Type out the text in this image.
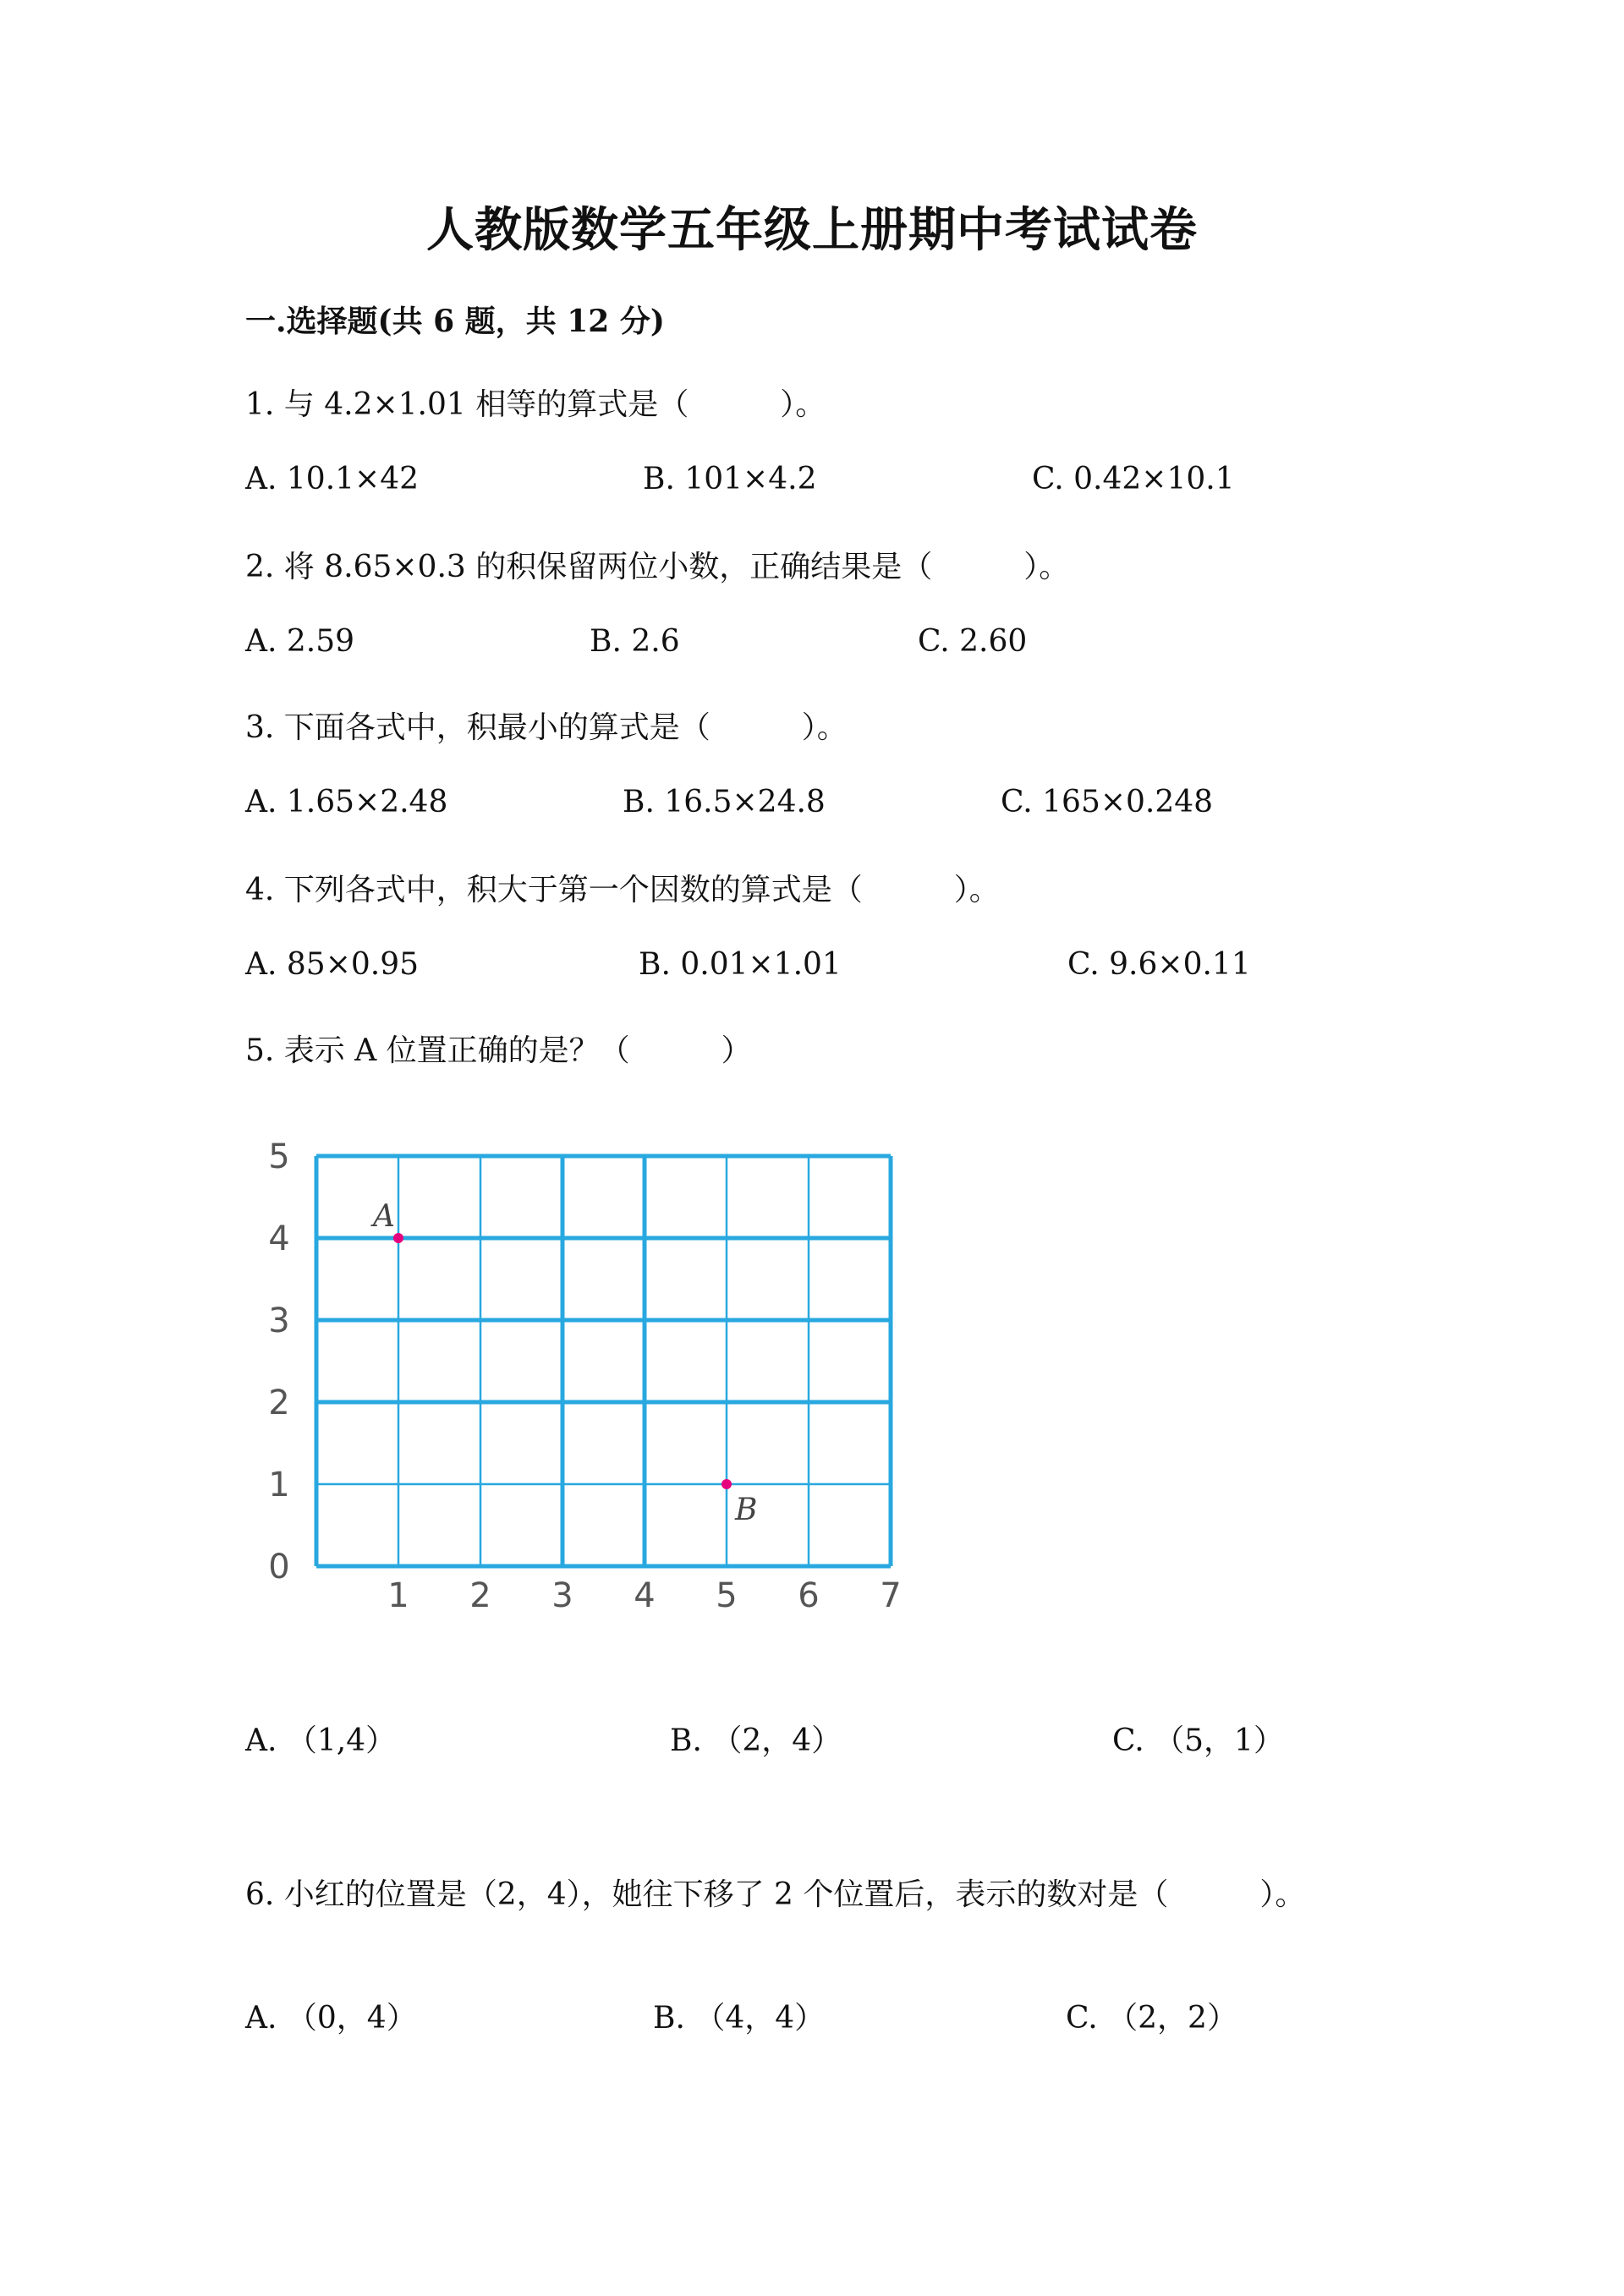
人教版数学五年级上册期中考试试卷
一.选择题(共 6 题，共 12 分)
1. 与 4.2×1.01 相等的算式是（　　　）。
A. 10.1×42	B. 101×4.2	C. 0.42×10.1
2. 将 8.65×0.3 的积保留两位小数，正确结果是（　　　）。
A. 2.59	B. 2.6	C. 2.60
3. 下面各式中，积最小的算式是（　　　）。
A. 1.65×2.48	B. 16.5×24.8	C. 165×0.248
4. 下列各式中，积大于第一个因数的算式是（　　　）。
A. 85×0.95	B. 0.01×1.01	C. 9.6×0.11
5. 表示 A 位置正确的是？（　　　）
1 2 3 4 5 6 7
0
1
2
3
4
5
A
B
A. （1,4）	B. （2，4）	C. （5，1）
6. 小红的位置是（2，4），她往下移了 2 个位置后，表示的数对是（　　　）。
A. （0，4）	B. （4，4）	C. （2，2）
